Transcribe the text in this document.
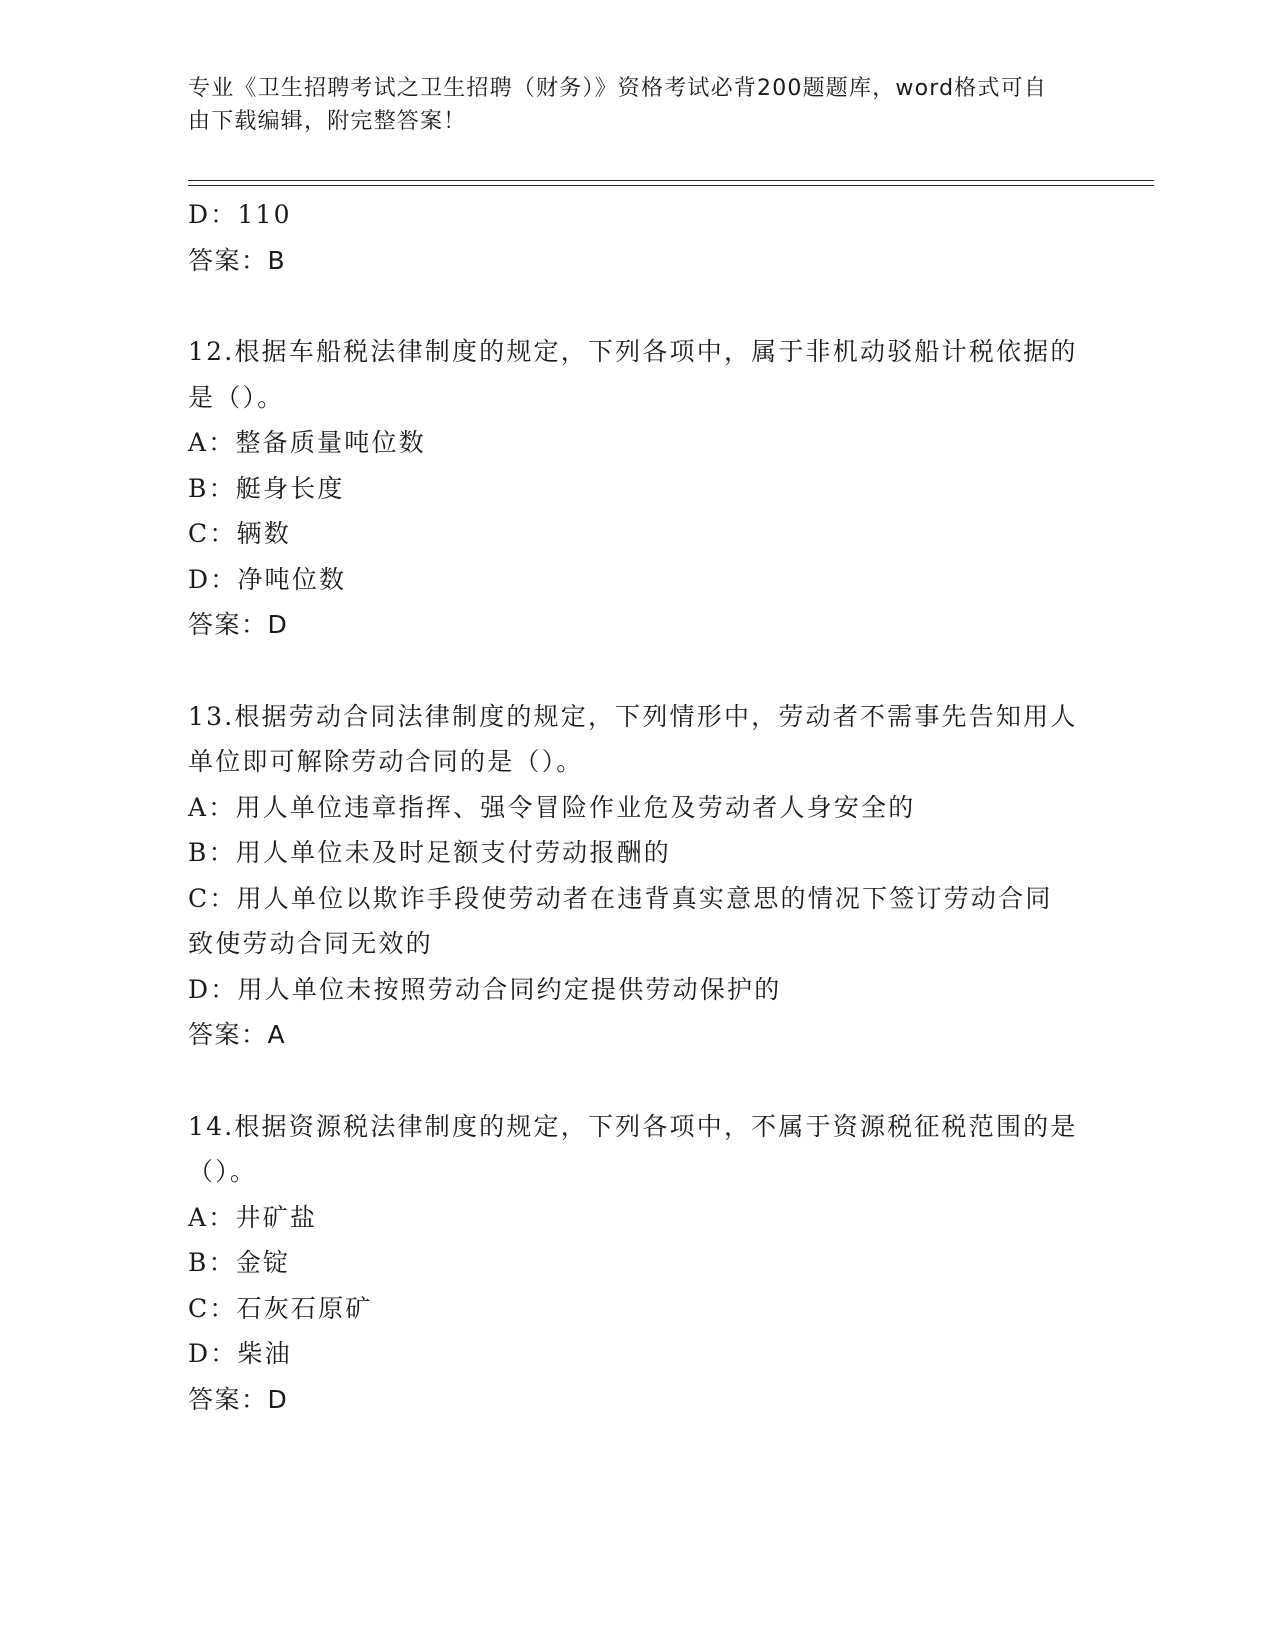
专业《卫生招聘考试之卫生招聘（财务）》资格考试必背200题题库，word格式可自由下载编辑，附完整答案！
D：110
答案：B
12.根据车船税法律制度的规定，下列各项中，属于非机动驳船计税依据的是（）。
A：整备质量吨位数
B：艇身长度
C：辆数
D：净吨位数
答案：D
13.根据劳动合同法律制度的规定，下列情形中，劳动者不需事先告知用人单位即可解除劳动合同的是（）。
A：用人单位违章指挥、强令冒险作业危及劳动者人身安全的
B：用人单位未及时足额支付劳动报酬的
C：用人单位以欺诈手段使劳动者在违背真实意思的情况下签订劳动合同致使劳动合同无效的
D：用人单位未按照劳动合同约定提供劳动保护的
答案：A
14.根据资源税法律制度的规定，下列各项中，不属于资源税征税范围的是（）。
A：井矿盐
B：金锭
C：石灰石原矿
D：柴油
答案：D
